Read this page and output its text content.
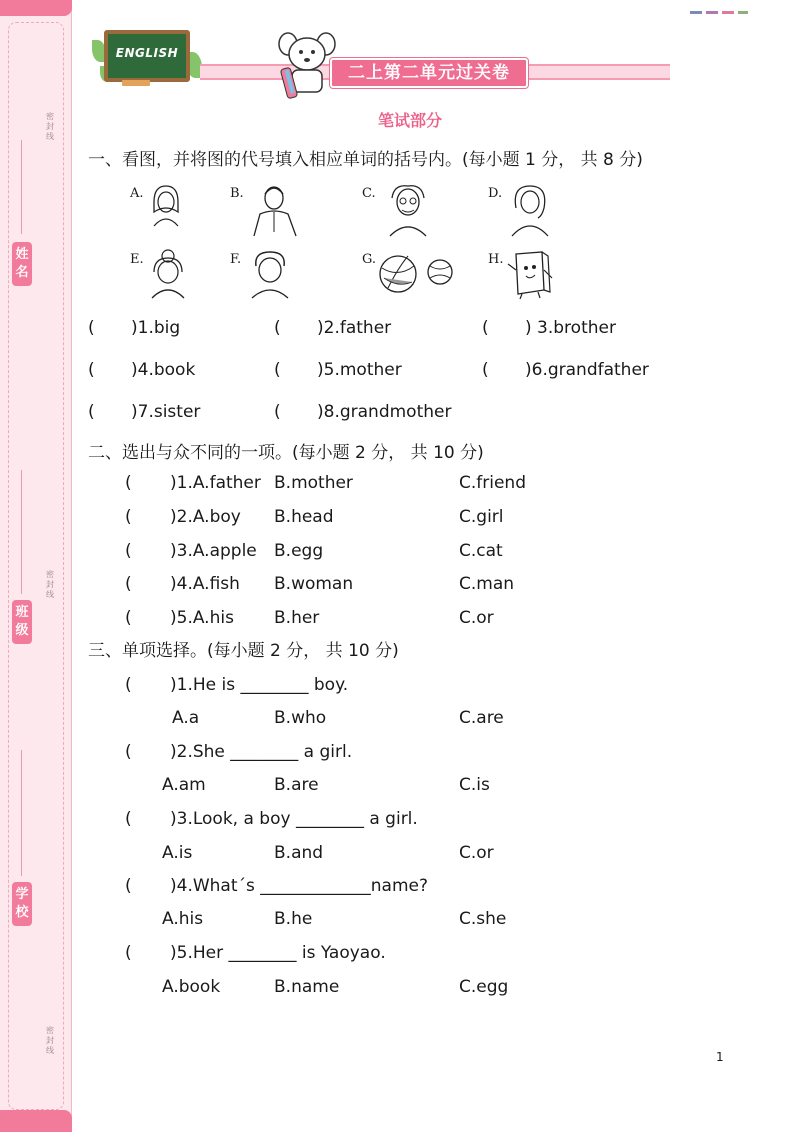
密封线
姓名
密封线
班级
学校
密封线
ENGLISH
二上第二单元过关卷
笔试部分
一、看图，并将图的代号填入相应单词的括号内。(每小题 1 分， 共 8 分)
A.	B.	C.	D.
E.	F.	G.	H.
( )1.big	( )2.father	( ) 3.brother
( )4.book	( )5.mother	( )6.grandfather
( )7.sister	( )8.grandmother
二、选出与众不同的一项。(每小题 2 分， 共 10 分)
( )1.A.father B.mother	C.friend
( )2.A.boy B.head	C.girl
( )3.A.apple B.egg	C.cat
( )4.A.fish B.woman	C.man
( )5.A.his B.her	C.or
三、单项选择。(每小题 2 分， 共 10 分)
( )1.He is ________ boy.
A.a	B.who	C.are
( )2.She ________ a girl.
A.am	B.are	C.is
( )3.Look, a boy ________ a girl.
A.is	B.and	C.or
( )4.What´s _____________name?
A.his	B.he	C.she
( )5.Her ________ is Yaoyao.
A.book	B.name	C.egg
1
